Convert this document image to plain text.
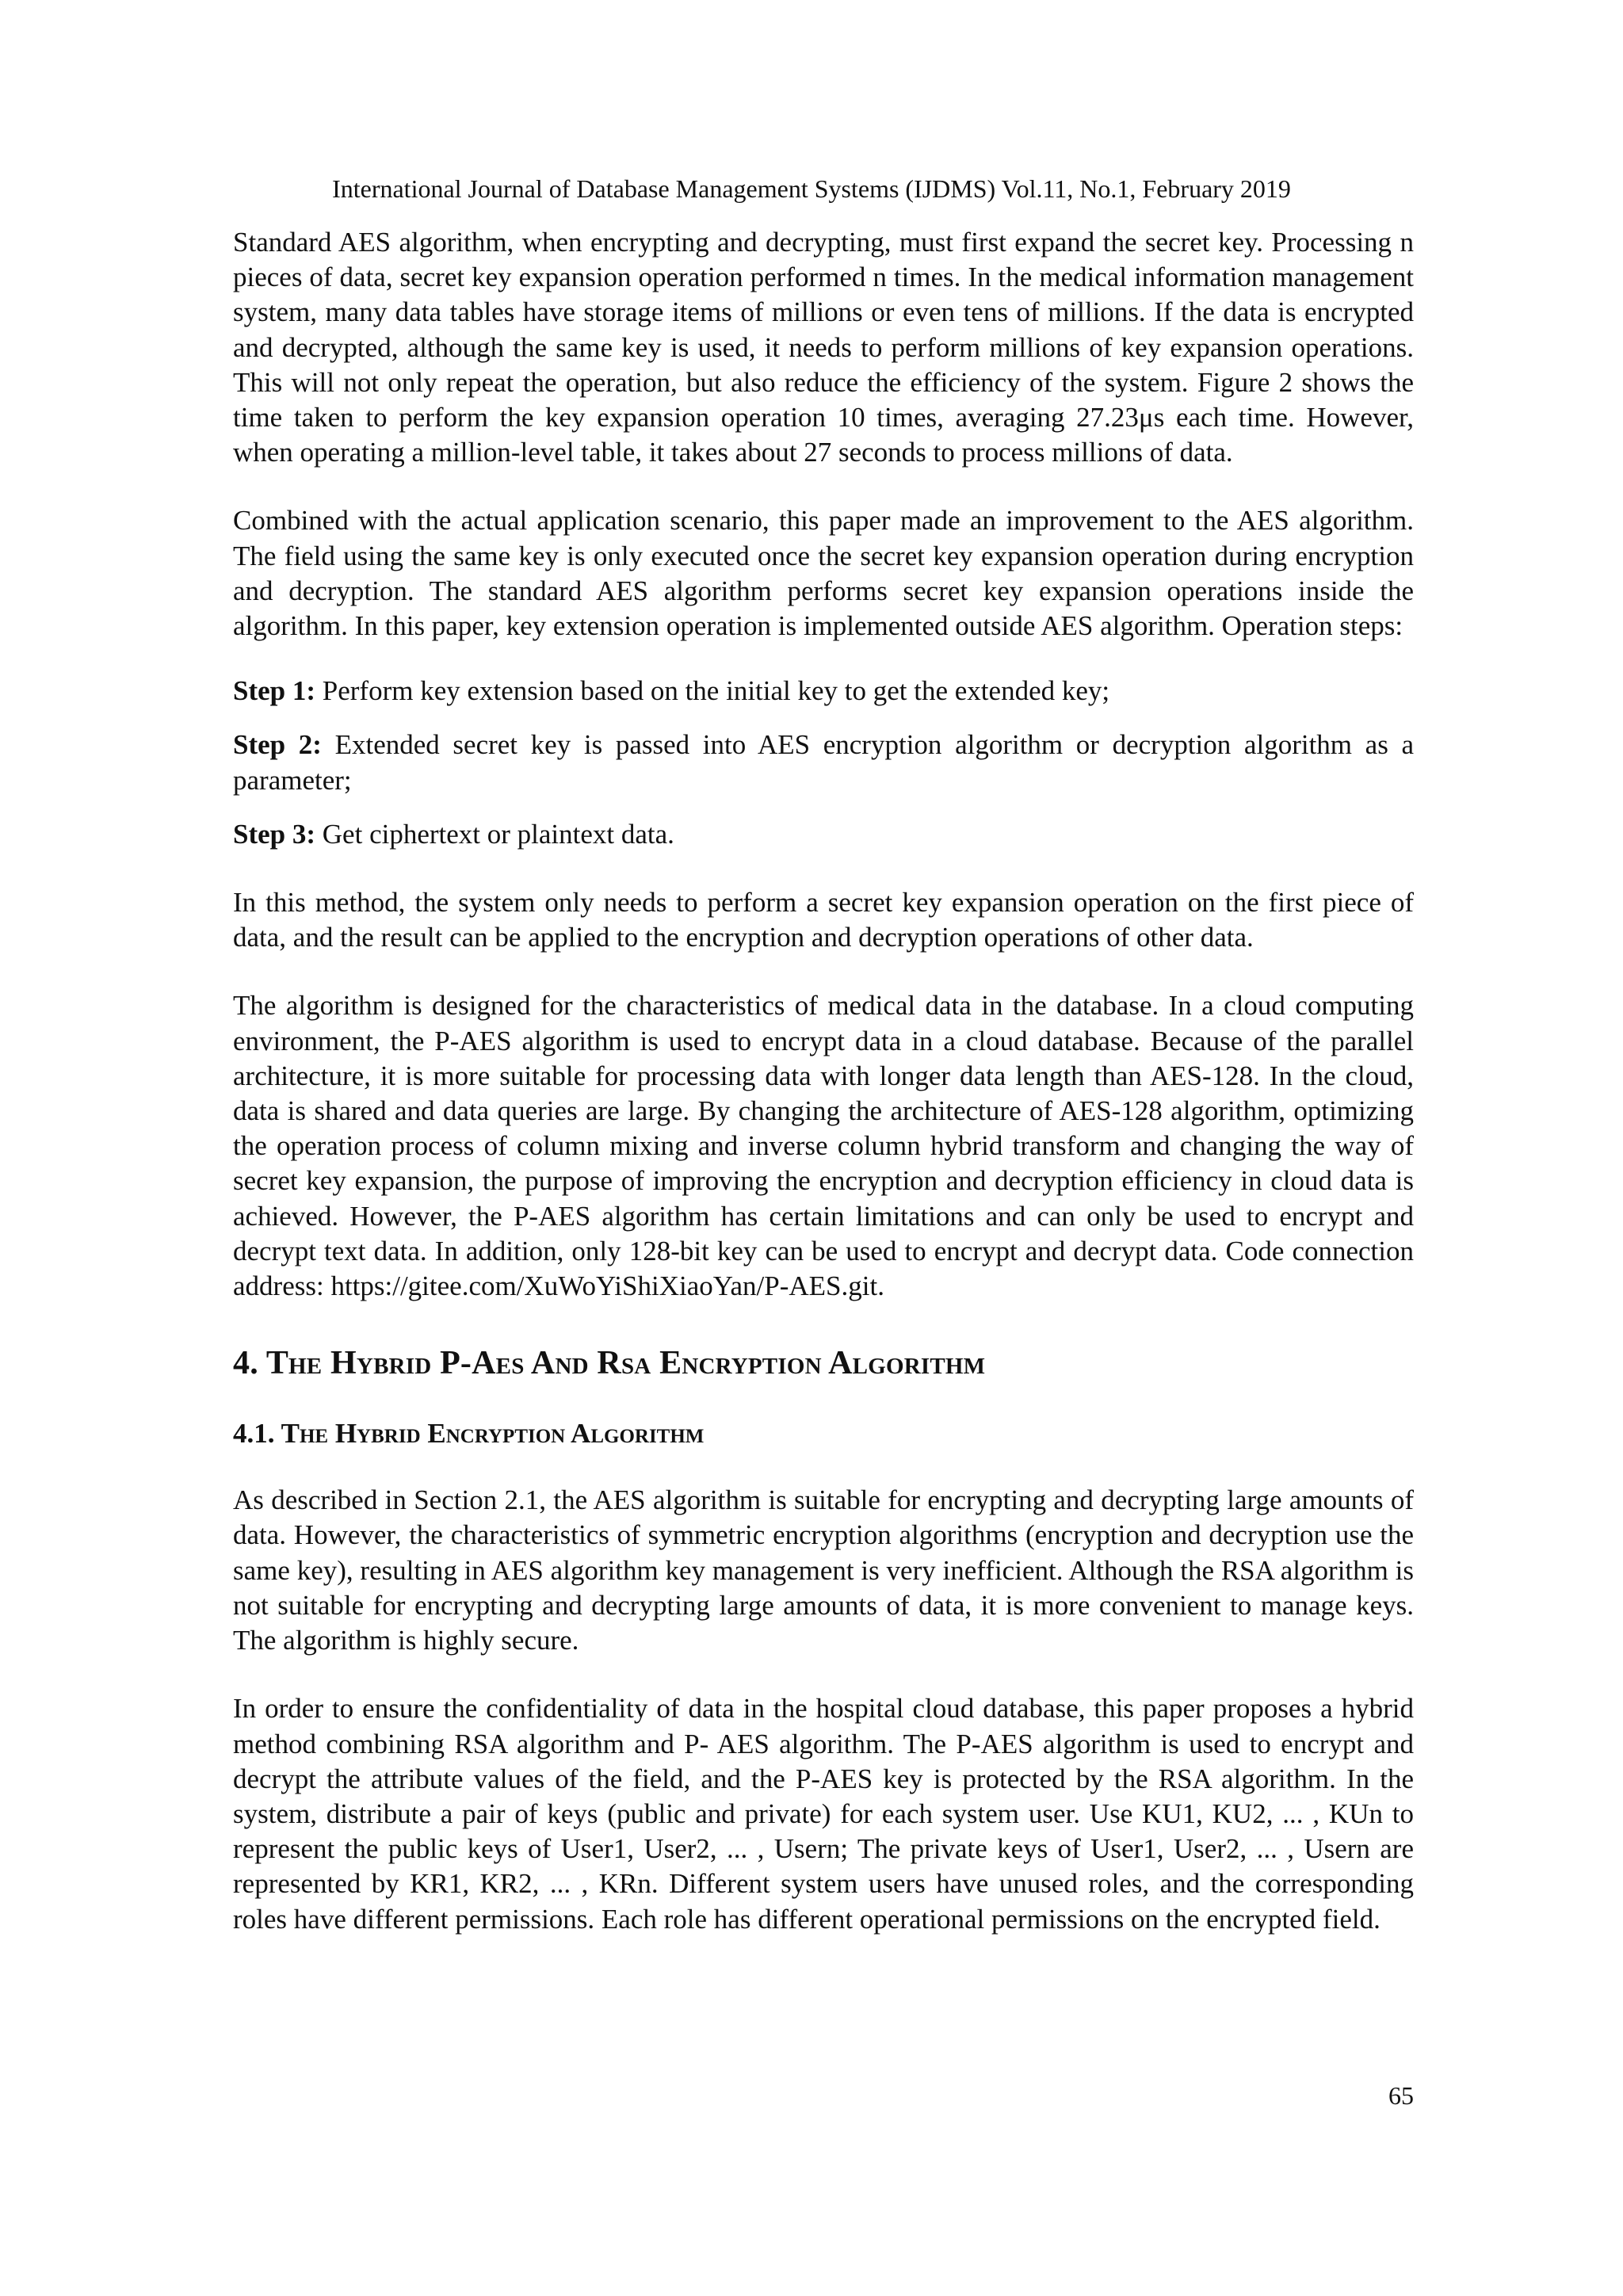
International Journal of Database Management Systems (IJDMS) Vol.11, No.1, February 2019

Standard AES algorithm, when encrypting and decrypting, must first expand the secret key. Processing n pieces of data, secret key expansion operation performed n times. In the medical information management system, many data tables have storage items of millions or even tens of millions. If the data is encrypted and decrypted, although the same key is used, it needs to perform millions of key expansion operations. This will not only repeat the operation, but also reduce the efficiency of the system. Figure 2 shows the time taken to perform the key expansion operation 10 times, averaging 27.23μs each time. However, when operating a million-level table, it takes about 27 seconds to process millions of data.

Combined with the actual application scenario, this paper made an improvement to the AES algorithm. The field using the same key is only executed once the secret key expansion operation during encryption and decryption. The standard AES algorithm performs secret key expansion operations inside the algorithm. In this paper, key extension operation is implemented outside AES algorithm. Operation steps:

Step 1: Perform key extension based on the initial key to get the extended key;

Step 2: Extended secret key is passed into AES encryption algorithm or decryption algorithm as a parameter;

Step 3: Get ciphertext or plaintext data.

In this method, the system only needs to perform a secret key expansion operation on the first piece of data, and the result can be applied to the encryption and decryption operations of other data.

The algorithm is designed for the characteristics of medical data in the database. In a cloud computing environment, the P-AES algorithm is used to encrypt data in a cloud database. Because of the parallel architecture, it is more suitable for processing data with longer data length than AES-128. In the cloud, data is shared and data queries are large. By changing the architecture of AES-128 algorithm, optimizing the operation process of column mixing and inverse column hybrid transform and changing the way of secret key expansion, the purpose of improving the encryption and decryption efficiency in cloud data is achieved. However, the P-AES algorithm has certain limitations and can only be used to encrypt and decrypt text data. In addition, only 128-bit key can be used to encrypt and decrypt data. Code connection address: https://gitee.com/XuWoYiShiXiaoYan/P-AES.git.

4. The Hybrid P-Aes And Rsa Encryption Algorithm
4.1. The Hybrid Encryption Algorithm

As described in Section 2.1, the AES algorithm is suitable for encrypting and decrypting large amounts of data. However, the characteristics of symmetric encryption algorithms (encryption and decryption use the same key), resulting in AES algorithm key management is very inefficient. Although the RSA algorithm is not suitable for encrypting and decrypting large amounts of data, it is more convenient to manage keys. The algorithm is highly secure.

In order to ensure the confidentiality of data in the hospital cloud database, this paper proposes a hybrid method combining RSA algorithm and P- AES algorithm. The P-AES algorithm is used to encrypt and decrypt the attribute values of the field, and the P-AES key is protected by the RSA algorithm. In the system, distribute a pair of keys (public and private) for each system user. Use KU1, KU2, ... , KUn to represent the public keys of User1, User2, ... , Usern; The private keys of User1, User2, ... , Usern are represented by KR1, KR2, ... , KRn. Different system users have unused roles, and the corresponding roles have different permissions. Each role has different operational permissions on the encrypted field.

65
